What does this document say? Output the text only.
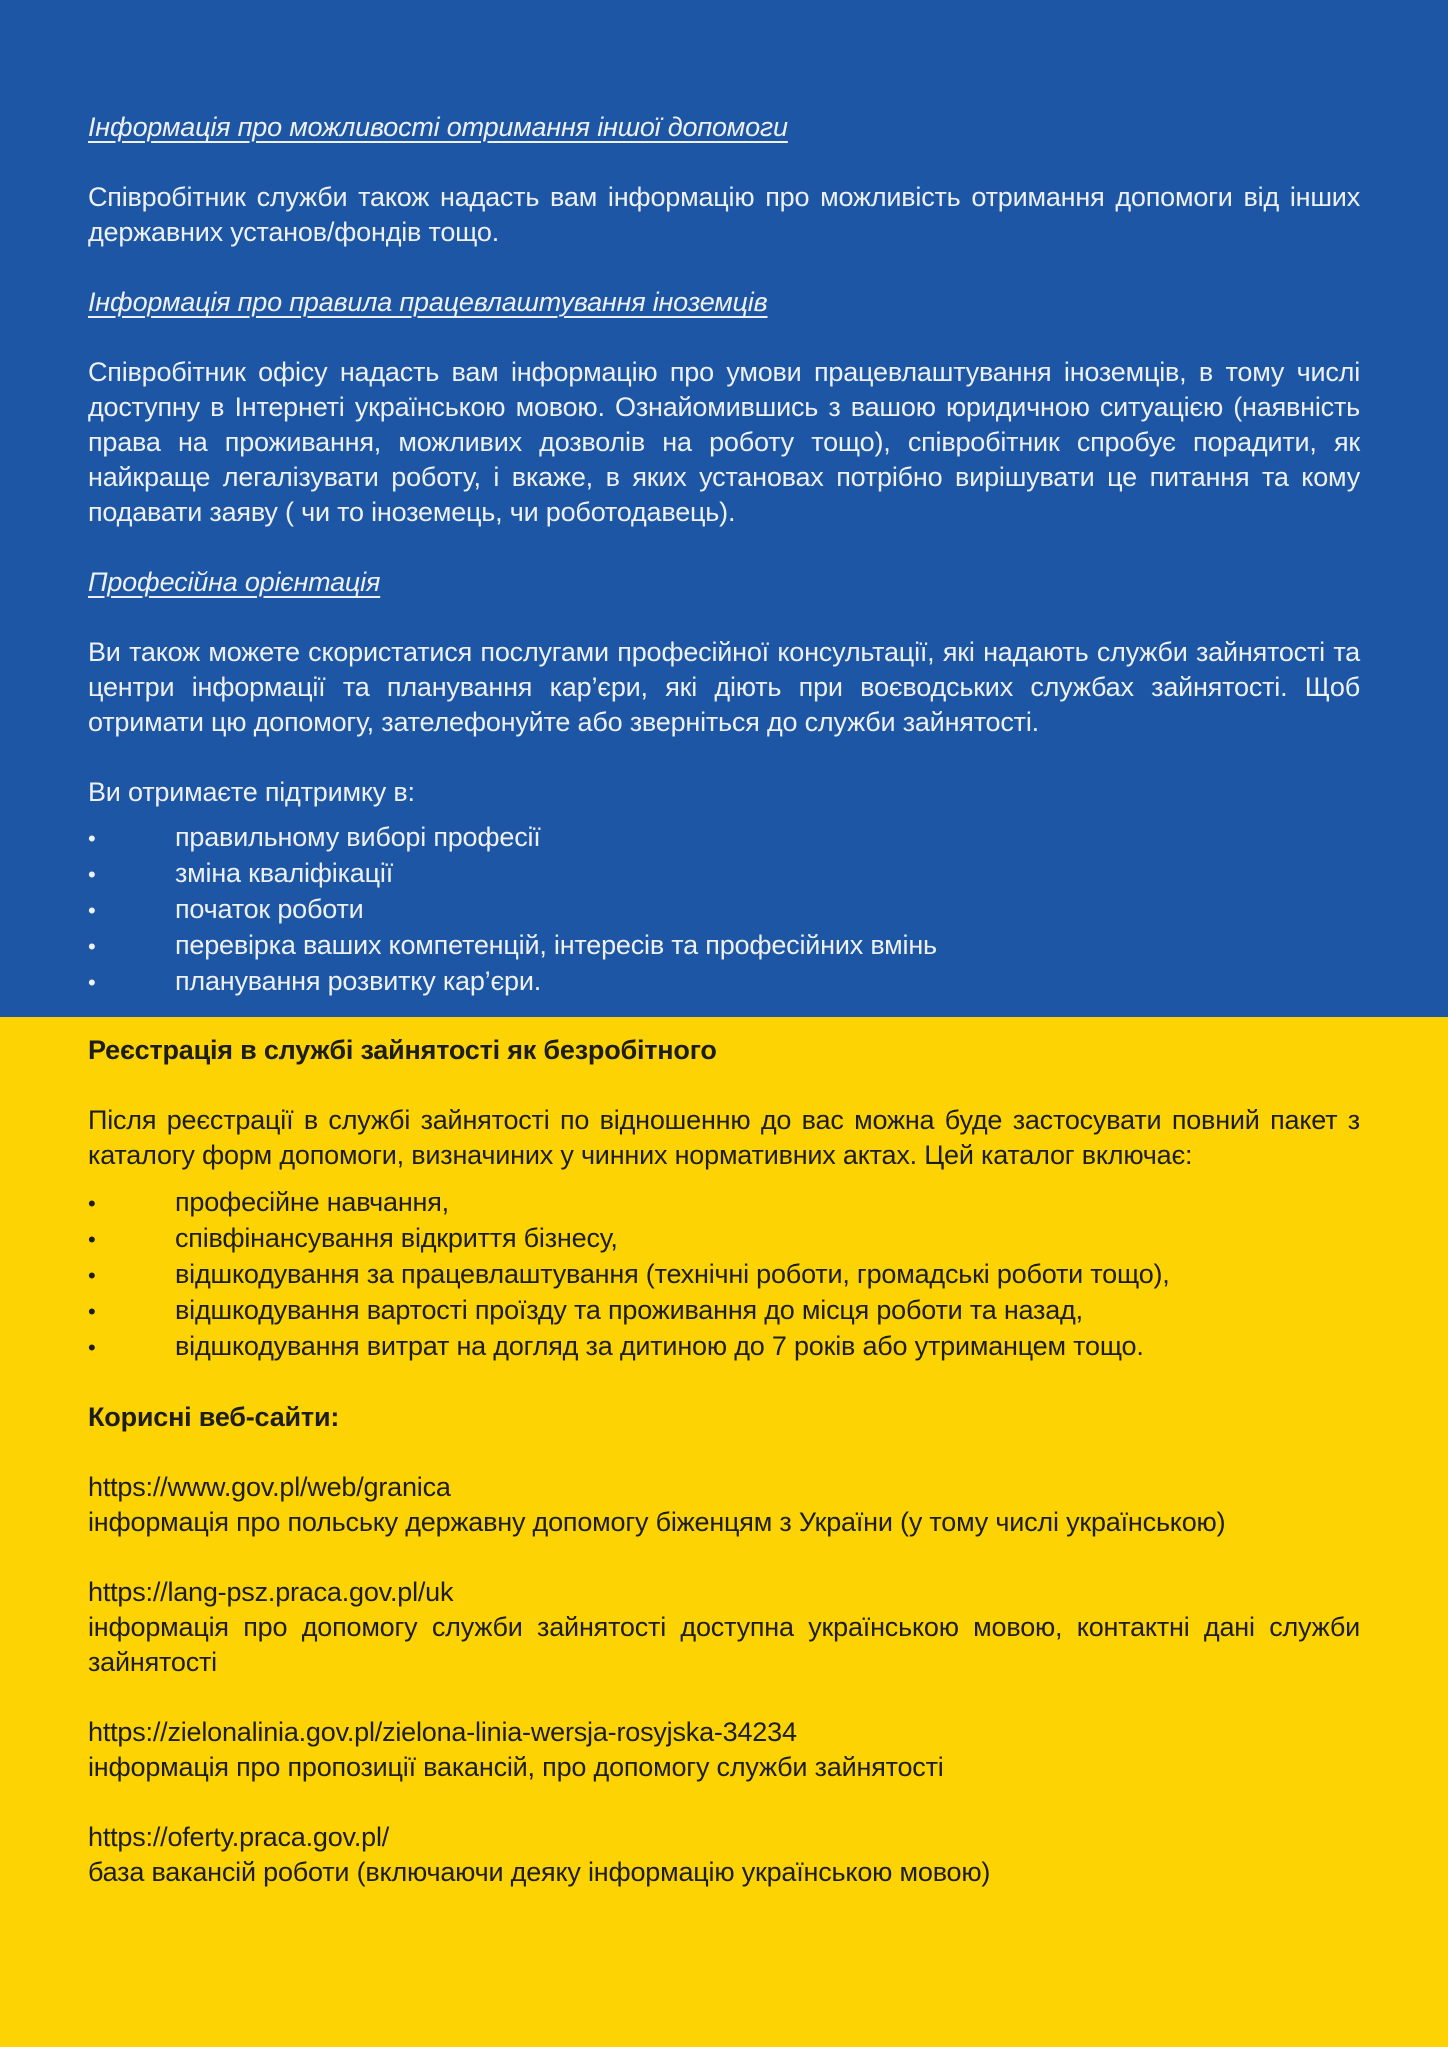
Інформація про можливості отримання іншої допомоги

Співробітник служби також надасть вам інформацію про можливість отримання допомоги від інших державних установ/фондів тощо.

Інформація про правила працевлаштування іноземців

Співробітник офісу надасть вам інформацію про умови працевлаштування іноземців, в тому числі доступну в Інтернеті українською мовою. Ознайомившись з вашою юридичною ситуацією (наявність права на проживання, можливих дозволів на роботу тощо), співробітник спробує порадити, як найкраще легалізувати роботу, і вкаже, в яких установах потрібно вирішувати це питання та кому подавати заяву ( чи то іноземець, чи роботодавець).

Професійна орієнтація

Ви також можете скористатися послугами професійної консультації, які надають служби зайнятості та центри інформації та планування кар’єри, які діють при воєводських службах зайнятості. Щоб отримати цю допомогу, зателефонуйте або зверніться до служби зайнятості.

Ви отримаєте підтримку в:

•	правильному виборі професії
•	зміна кваліфікації
•	початок роботи
•	перевірка ваших компетенцій, інтересів та професійних вмінь
•	планування розвитку кар’єри.
Реєстрація в службі зайнятості як безробітного

Після реєстрації в службі зайнятості по відношенню до вас можна буде застосувати повний пакет з каталогу форм допомоги, визначиних у чинних нормативних актах. Цей каталог включає:

•	професійне навчання,
•	співфінансування відкриття бізнесу,
•	відшкодування за працевлаштування (технічні роботи, громадські роботи тощо),
•	відшкодування вартості проїзду та проживання до місця роботи та назад,
•	відшкодування витрат на догляд за дитиною до 7 років або утриманцем тощо.
Корисні веб-сайти:
https://www.gov.pl/web/granica

інформація про польську державну допомогу біженцям з України (у тому числі українською)

https://lang-psz.praca.gov.pl/uk

інформація про допомогу служби зайнятості доступна українською мовою, контактні дані служби зайнятості

https://zielonalinia.gov.pl/zielona-linia-wersja-rosyjska-34234

інформація про пропозиції вакансій, про допомогу служби зайнятості

https://oferty.praca.gov.pl/

база вакансій роботи (включаючи деяку інформацію українською мовою)
